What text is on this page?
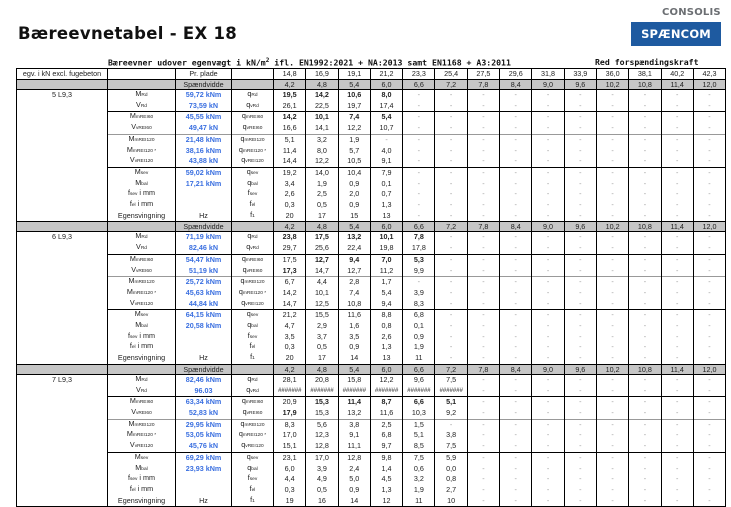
Bæreevnetabel - EX 18
CONSOLIS
SPÆNCOM
Bæreevner udover egenvægt i $kN/m^2$ ifl. EN1992:2021 + NA:2013 samt EN1168 + A3:2011	Red forspændingskraft
egv. i kN excl. fugebeton		Pr. plade		14,8	16,9	19,1	21,2	23,3	25,4	27,5	29,6	31,8	33,9	36,0	38,1	40,2	42,3
		Spændvidde		4,2	4,8	5,4	6,0	6,6	7,2	7,8	8,4	9,0	9,6	10,2	10,8	11,4	12,0
5 L9,3	MRd	59,72 kNm	qRd	19,5	14,2	10,6	8,0	-	-	-	-	-	-	-	-	-	-
	VRd	73,59 kN	qvRd	26,1	22,5	19,7	17,4	-	-	-	-	-	-	-	-	-	-
	MmREI60	45,55 kNm	qmREI60	14,2	10,1	7,4	5,4	-	-	-	-	-	-	-	-	-	-
	VvREI60	49,47 kN	qvREI60	16,6	14,1	12,2	10,7	-	-	-	-	-	-	-	-	-	-
	MmREI120	21,48 kNm	qmREI120	5,1	3,2	1,9	-	-	-	-	-	-	-	-	-	-	-
	MmREI120 *	38,16 kNm	qmREI120 *	11,4	8,0	5,7	4,0	-	-	-	-	-	-	-	-	-	-
	VvREI120	43,88 kN	qvREI120	14,4	12,2	10,5	9,1	-	-	-	-	-	-	-	-	-	-
	Msev	59,02 kNm	qsev	19,2	14,0	10,4	7,9	-	-	-	-	-	-	-	-	-	-
	Mbal	17,21 kNm	qbal	3,4	1,9	0,9	0,1	-	-	-	-	-	-	-	-	-	-
	fsev i mm		fsev	2,6	2,5	2,0	0,7	-	-	-	-	-	-	-	-	-	-
	fel i mm		fel	0,3	0,5	0,9	1,3	-	-	-	-	-	-	-	-	-	-
	Egensvingning	Hz	f1	20	17	15	13	-	-	-	-	-	-	-	-	-	-
		Spændvidde		4,2	4,8	5,4	6,0	6,6	7,2	7,8	8,4	9,0	9,6	10,2	10,8	11,4	12,0
6 L9,3	MRd	71,19 kNm	qRd	23,8	17,5	13,2	10,1	7,8	-	-	-	-	-	-	-	-	-
	VRd	82,46 kN	qvRd	29,7	25,6	22,4	19,8	17,8	-	-	-	-	-	-	-	-	-
	MmREI60	54,47 kNm	qmREI60	17,5	12,7	9,4	7,0	5,3	-	-	-	-	-	-	-	-	-
	VvREI60	51,19 kN	qvREI60	17,3	14,7	12,7	11,2	9,9	-	-	-	-	-	-	-	-	-
	MmREI120	25,72 kNm	qmREI120	6,7	4,4	2,8	1,7	-	-	-	-	-	-	-	-	-	-
	MmREI120 *	45,63 kNm	qmREI120 *	14,2	10,1	7,4	5,4	3,9	-	-	-	-	-	-	-	-	-
	VvREI120	44,84 kN	qvREI120	14,7	12,5	10,8	9,4	8,3	-	-	-	-	-	-	-	-	-
	Msev	64,15 kNm	qsev	21,2	15,5	11,6	8,8	6,8	-	-	-	-	-	-	-	-	-
	Mbal	20,58 kNm	qbal	4,7	2,9	1,6	0,8	0,1	-	-	-	-	-	-	-	-	-
	fsev i mm		fsev	3,5	3,7	3,5	2,6	0,9	-	-	-	-	-	-	-	-	-
	fel i mm		fel	0,3	0,5	0,9	1,3	1,9	-	-	-	-	-	-	-	-	-
	Egensvingning	Hz	f1	20	17	14	13	11	-	-	-	-	-	-	-	-	-
		Spændvidde		4,2	4,8	5,4	6,0	6,6	7,2	7,8	8,4	9,0	9,6	10,2	10,8	11,4	12,0
7 L9,3	MRd	82,46 kNm	qRd	28,1	20,8	15,8	12,2	9,6	7,5	-	-	-	-	-	-	-	-
	VRd	96.03	qvRd	#######	#######	#######	#######	#######	#######	-	-	-	-	-	-	-	-
	MmREI60	63,34 kNm	qmREI60	20,9	15,3	11,4	8,7	6,6	5,1	-	-	-	-	-	-	-	-
	VvREI60	52,83 kN	qvREI60	17,9	15,3	13,2	11,6	10,3	9,2	-	-	-	-	-	-	-	-
	MmREI120	29,95 kNm	qmREI120	8,3	5,6	3,8	2,5	1,5	-	-	-	-	-	-	-	-	-
	MmREI120 *	53,05 kNm	qmREI120 *	17,0	12,3	9,1	6,8	5,1	3,8	-	-	-	-	-	-	-	-
	VvREI120	45,76 kN	qvREI120	15,1	12,8	11,1	9,7	8,5	7,5	-	-	-	-	-	-	-	-
	Msev	69,29 kNm	qsev	23,1	17,0	12,8	9,8	7,5	5,9	-	-	-	-	-	-	-	-
	Mbal	23,93 kNm	qbal	6,0	3,9	2,4	1,4	0,6	0,0	-	-	-	-	-	-	-	-
	fsev i mm		fsev	4,4	4,9	5,0	4,5	3,2	0,8	-	-	-	-	-	-	-	-
	fel i mm		fel	0,3	0,5	0,9	1,3	1,9	2,7	-	-	-	-	-	-	-	-
	Egensvingning	Hz	f1	19	16	14	12	11	10	-	-	-	-	-	-	-	-
